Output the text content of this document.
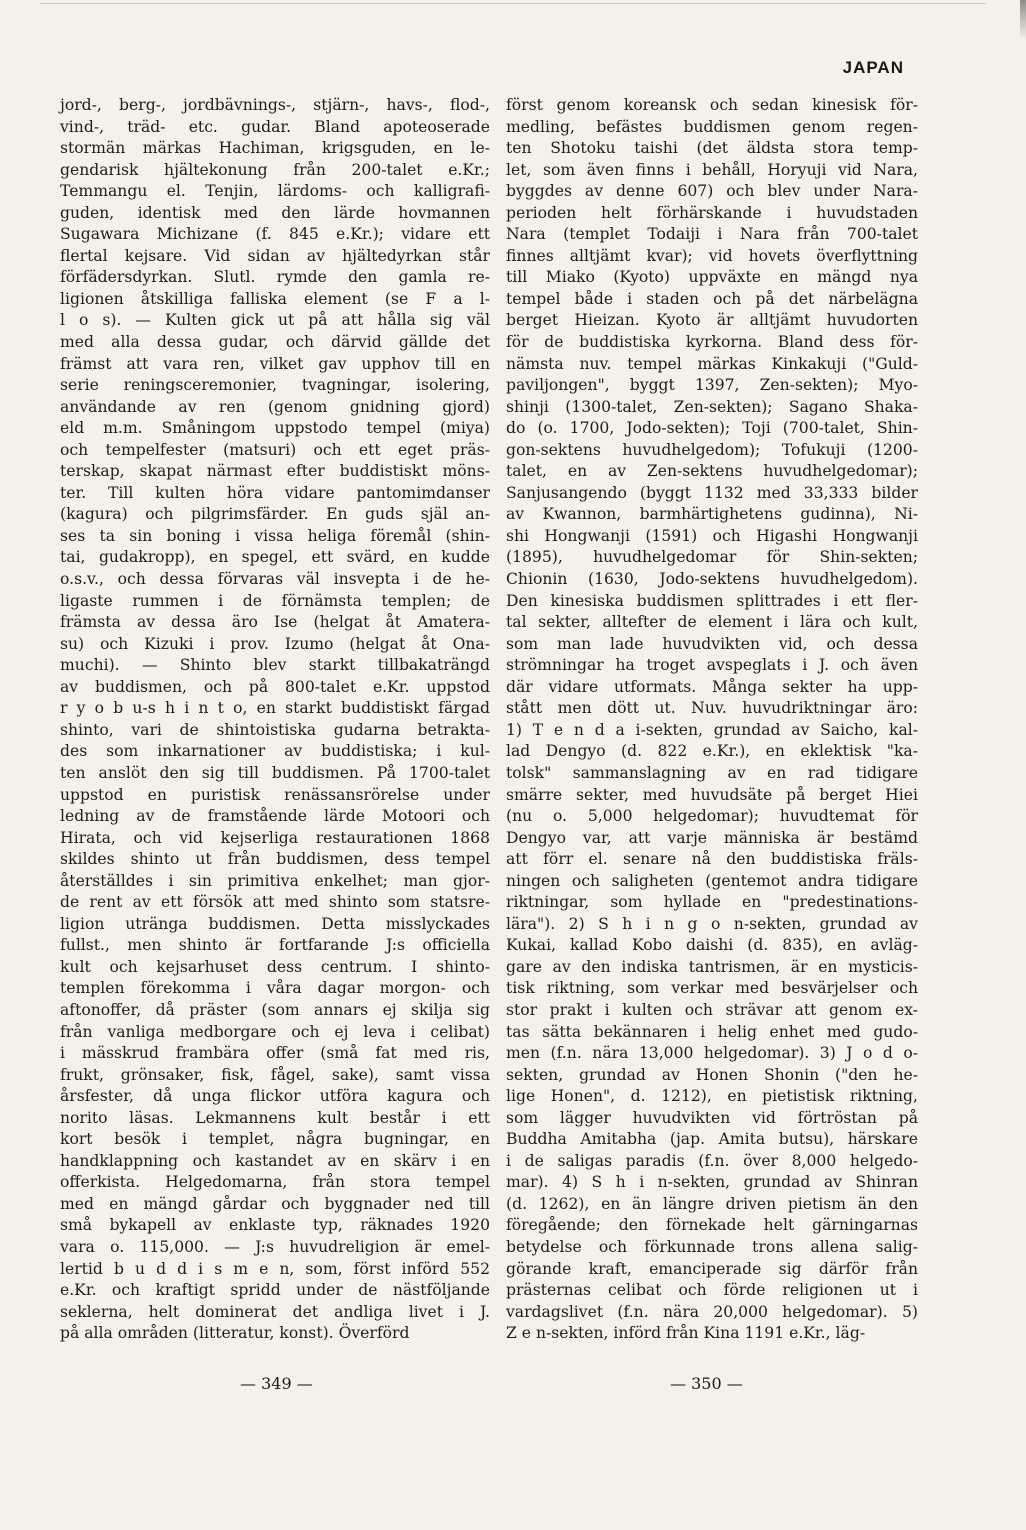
JAPAN
jord-, berg-, jordbävnings-, stjärn-, havs-, flod-,
vind-, träd- etc. gudar. Bland apoteoserade
stormän märkas Hachiman, krigsguden, en le-
gendarisk hjältekonung från 200-talet e.Kr.;
Temmangu el. Tenjin, lärdoms- och kalligrafi-
guden, identisk med den lärde hovmannen
Sugawara Michizane (f. 845 e.Kr.); vidare ett
flertal kejsare. Vid sidan av hjältedyrkan står
förfädersdyrkan. Slutl. rymde den gamla re-
ligionen åtskilliga falliska element (se F a l-
l o s). — Kulten gick ut på att hålla sig väl
med alla dessa gudar, och därvid gällde det
främst att vara ren, vilket gav upphov till en
serie reningsceremonier, tvagningar, isolering,
användande av ren (genom gnidning gjord)
eld m.m. Småningom uppstodo tempel (miya)
och tempelfester (matsuri) och ett eget präs-
terskap, skapat närmast efter buddistiskt möns-
ter. Till kulten höra vidare pantomimdanser
(kagura) och pilgrimsfärder. En guds själ an-
ses ta sin boning i vissa heliga föremål (shin-
tai, gudakropp), en spegel, ett svärd, en kudde
o.s.v., och dessa förvaras väl insvepta i de he-
ligaste rummen i de förnämsta templen; de
främsta av dessa äro Ise (helgat åt Amatera-
su) och Kizuki i prov. Izumo (helgat åt Ona-
muchi). — Shinto blev starkt tillbakaträngd
av buddismen, och på 800-talet e.Kr. uppstod
r y o b u-s h i n t o, en starkt buddistiskt färgad
shinto, vari de shintoistiska gudarna betrakta-
des som inkarnationer av buddistiska; i kul-
ten anslöt den sig till buddismen. På 1700-talet
uppstod en puristisk renässansrörelse under
ledning av de framstående lärde Motoori och
Hirata, och vid kejserliga restaurationen 1868
skildes shinto ut från buddismen, dess tempel
återställdes i sin primitiva enkelhet; man gjor-
de rent av ett försök att med shinto som statsre-
ligion utränga buddismen. Detta misslyckades
fullst., men shinto är fortfarande J:s officiella
kult och kejsarhuset dess centrum. I shinto-
templen förekomma i våra dagar morgon- och
aftonoffer, då präster (som annars ej skilja sig
från vanliga medborgare och ej leva i celibat)
i mässkrud frambära offer (små fat med ris,
frukt, grönsaker, fisk, fågel, sake), samt vissa
årsfester, då unga flickor utföra kagura och
norito läsas. Lekmannens kult består i ett
kort besök i templet, några bugningar, en
handklappning och kastandet av en skärv i en
offerkista. Helgedomarna, från stora tempel
med en mängd gårdar och byggnader ned till
små bykapell av enklaste typ, räknades 1920
vara o. 115,000. — J:s huvudreligion är emel-
lertid b u d d i s m e n, som, först införd 552
e.Kr. och kraftigt spridd under de nästföljande
seklerna, helt dominerat det andliga livet i J.
på alla områden (litteratur, konst). Överförd
först genom koreansk och sedan kinesisk för-
medling, befästes buddismen genom regen-
ten Shotoku taishi (det äldsta stora temp-
let, som även finns i behåll, Horyuji vid Nara,
byggdes av denne 607) och blev under Nara-
perioden helt förhärskande i huvudstaden
Nara (templet Todaiji i Nara från 700-talet
finnes alltjämt kvar); vid hovets överflyttning
till Miako (Kyoto) uppväxte en mängd nya
tempel både i staden och på det närbelägna
berget Hieizan. Kyoto är alltjämt huvudorten
för de buddistiska kyrkorna. Bland dess för-
nämsta nuv. tempel märkas Kinkakuji ("Guld-
paviljongen", byggt 1397, Zen-sekten); Myo-
shinji (1300-talet, Zen-sekten); Sagano Shaka-
do (o. 1700, Jodo-sekten); Toji (700-talet, Shin-
gon-sektens huvudhelgedom); Tofukuji (1200-
talet, en av Zen-sektens huvudhelgedomar);
Sanjusangendo (byggt 1132 med 33,333 bilder
av Kwannon, barmhärtighetens gudinna), Ni-
shi Hongwanji (1591) och Higashi Hongwanji
(1895), huvudhelgedomar för Shin-sekten;
Chionin (1630, Jodo-sektens huvudhelgedom).
Den kinesiska buddismen splittrades i ett fler-
tal sekter, alltefter de element i lära och kult,
som man lade huvudvikten vid, och dessa
strömningar ha troget avspeglats i J. och även
där vidare utformats. Många sekter ha upp-
stått men dött ut. Nuv. huvudriktningar äro:
1) T e n d a i-sekten, grundad av Saicho, kal-
lad Dengyo (d. 822 e.Kr.), en eklektisk "ka-
tolsk" sammanslagning av en rad tidigare
smärre sekter, med huvudsäte på berget Hiei
(nu o. 5,000 helgedomar); huvudtemat för
Dengyo var, att varje människa är bestämd
att förr el. senare nå den buddistiska fräls-
ningen och saligheten (gentemot andra tidigare
riktningar, som hyllade en "predestinations-
lära"). 2) S h i n g o n-sekten, grundad av
Kukai, kallad Kobo daishi (d. 835), en avläg-
gare av den indiska tantrismen, är en mysticis-
tisk riktning, som verkar med besvärjelser och
stor prakt i kulten och strävar att genom ex-
tas sätta bekännaren i helig enhet med gudo-
men (f.n. nära 13,000 helgedomar). 3) J o d o-
sekten, grundad av Honen Shonin ("den he-
lige Honen", d. 1212), en pietistisk riktning,
som lägger huvudvikten vid förtröstan på
Buddha Amitabha (jap. Amita butsu), härskare
i de saligas paradis (f.n. över 8,000 helgedo-
mar). 4) S h i n-sekten, grundad av Shinran
(d. 1262), en än längre driven pietism än den
föregående; den förnekade helt gärningarnas
betydelse och förkunnade trons allena salig-
görande kraft, emanciperade sig därför från
prästernas celibat och förde religionen ut i
vardagslivet (f.n. nära 20,000 helgedomar). 5)
Z e n-sekten, införd från Kina 1191 e.Kr., läg-
— 349 —	— 350 —
